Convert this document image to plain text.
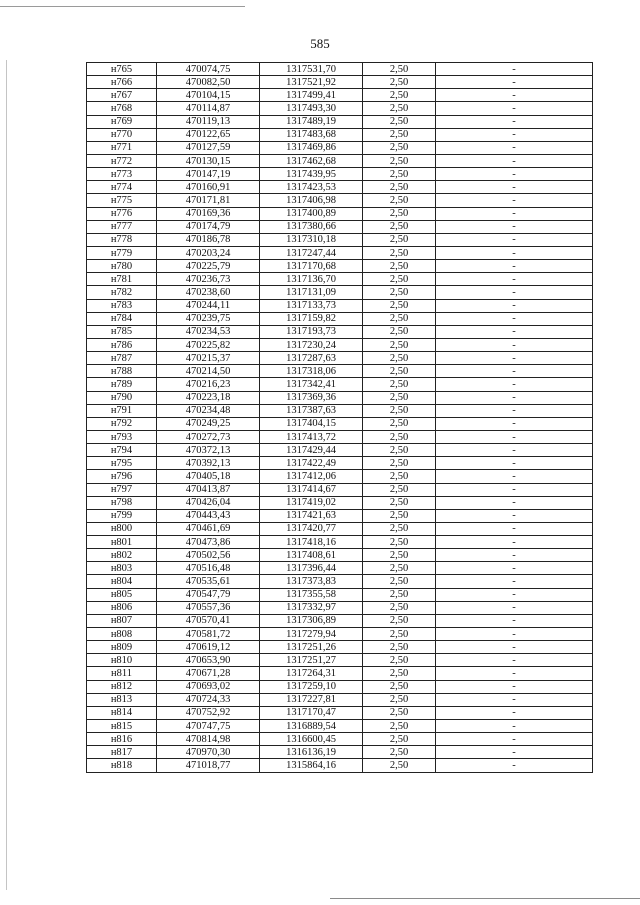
585
н765	470074,75	1317531,70	2,50	-
н766	470082,50	1317521,92	2,50	-
н767	470104,15	1317499,41	2,50	-
н768	470114,87	1317493,30	2,50	-
н769	470119,13	1317489,19	2,50	-
н770	470122,65	1317483,68	2,50	-
н771	470127,59	1317469,86	2,50	-
н772	470130,15	1317462,68	2,50	-
н773	470147,19	1317439,95	2,50	-
н774	470160,91	1317423,53	2,50	-
н775	470171,81	1317406,98	2,50	-
н776	470169,36	1317400,89	2,50	-
н777	470174,79	1317380,66	2,50	-
н778	470186,78	1317310,18	2,50	-
н779	470203,24	1317247,44	2,50	-
н780	470225,79	1317170,68	2,50	-
н781	470236,73	1317136,70	2,50	-
н782	470238,60	1317131,09	2,50	-
н783	470244,11	1317133,73	2,50	-
н784	470239,75	1317159,82	2,50	-
н785	470234,53	1317193,73	2,50	-
н786	470225,82	1317230,24	2,50	-
н787	470215,37	1317287,63	2,50	-
н788	470214,50	1317318,06	2,50	-
н789	470216,23	1317342,41	2,50	-
н790	470223,18	1317369,36	2,50	-
н791	470234,48	1317387,63	2,50	-
н792	470249,25	1317404,15	2,50	-
н793	470272,73	1317413,72	2,50	-
н794	470372,13	1317429,44	2,50	-
н795	470392,13	1317422,49	2,50	-
н796	470405,18	1317412,06	2,50	-
н797	470413,87	1317414,67	2,50	-
н798	470426,04	1317419,02	2,50	-
н799	470443,43	1317421,63	2,50	-
н800	470461,69	1317420,77	2,50	-
н801	470473,86	1317418,16	2,50	-
н802	470502,56	1317408,61	2,50	-
н803	470516,48	1317396,44	2,50	-
н804	470535,61	1317373,83	2,50	-
н805	470547,79	1317355,58	2,50	-
н806	470557,36	1317332,97	2,50	-
н807	470570,41	1317306,89	2,50	-
н808	470581,72	1317279,94	2,50	-
н809	470619,12	1317251,26	2,50	-
н810	470653,90	1317251,27	2,50	-
н811	470671,28	1317264,31	2,50	-
н812	470693,02	1317259,10	2,50	-
н813	470724,33	1317227,81	2,50	-
н814	470752,92	1317170,47	2,50	-
н815	470747,75	1316889,54	2,50	-
н816	470814,98	1316600,45	2,50	-
н817	470970,30	1316136,19	2,50	-
н818	471018,77	1315864,16	2,50	-
